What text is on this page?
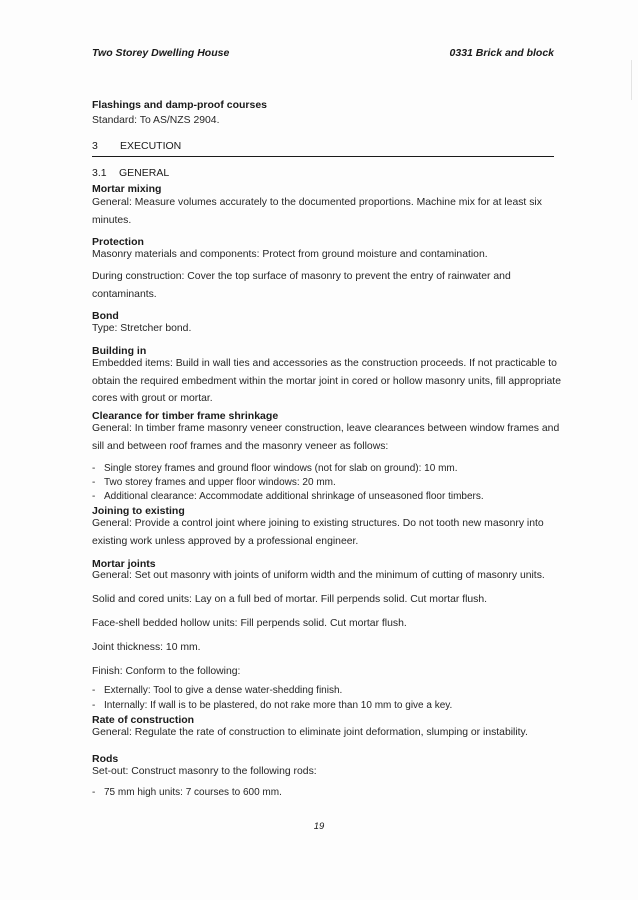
Two Storey Dwelling House	0331 Brick and block
Flashings and damp-proof courses
Standard: To AS/NZS 2904.
3 EXECUTION
3.1 GENERAL
Mortar mixing
General: Measure volumes accurately to the documented proportions. Machine mix for at least six minutes.
Protection
Masonry materials and components: Protect from ground moisture and contamination.
During construction: Cover the top surface of masonry to prevent the entry of rainwater and contaminants.
Bond
Type: Stretcher bond.
Building in
Embedded items: Build in wall ties and accessories as the construction proceeds. If not practicable to obtain the required embedment within the mortar joint in cored or hollow masonry units, fill appropriate cores with grout or mortar.
Clearance for timber frame shrinkage
General: In timber frame masonry veneer construction, leave clearances between window frames and sill and between roof frames and the masonry veneer as follows:
- Single storey frames and ground floor windows (not for slab on ground): 10 mm.
- Two storey frames and upper floor windows: 20 mm.
- Additional clearance: Accommodate additional shrinkage of unseasoned floor timbers.
Joining to existing
General: Provide a control joint where joining to existing structures. Do not tooth new masonry into existing work unless approved by a professional engineer.
Mortar joints
General: Set out masonry with joints of uniform width and the minimum of cutting of masonry units.
Solid and cored units: Lay on a full bed of mortar. Fill perpends solid. Cut mortar flush.
Face-shell bedded hollow units: Fill perpends solid. Cut mortar flush.
Joint thickness: 10 mm.
Finish: Conform to the following:
- Externally: Tool to give a dense water-shedding finish.
- Internally: If wall is to be plastered, do not rake more than 10 mm to give a key.
Rate of construction
General: Regulate the rate of construction to eliminate joint deformation, slumping or instability.
Rods
Set-out: Construct masonry to the following rods:
- 75 mm high units: 7 courses to 600 mm.
19
